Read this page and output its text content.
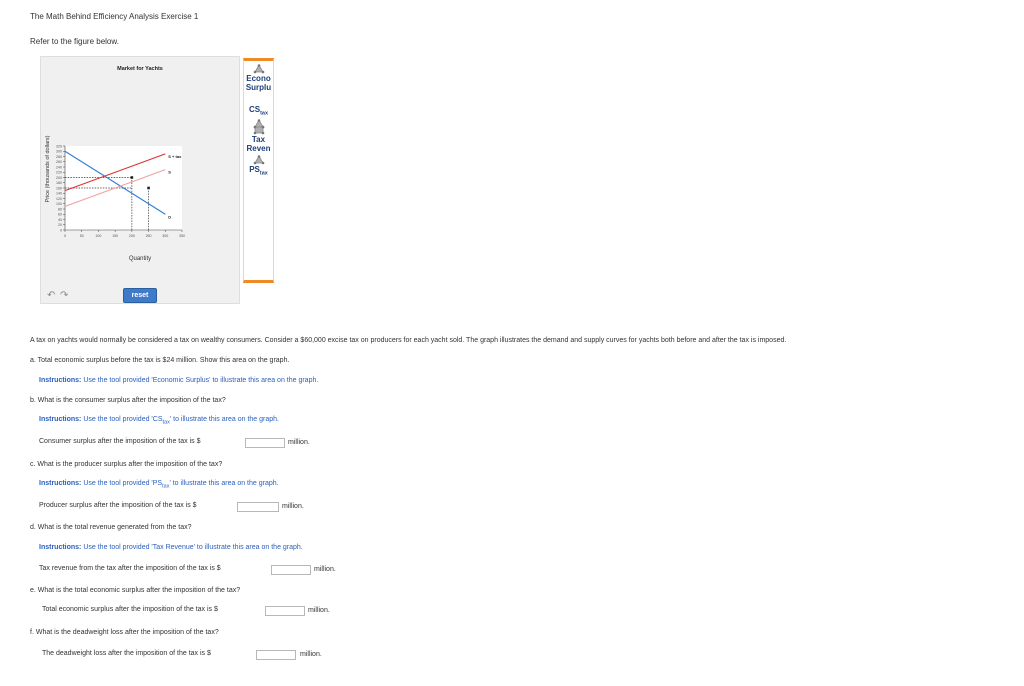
The Math Behind Efficiency Analysis Exercise 1
Refer to the figure below.
Market for Yachts
Quantity
Price (thousands of dollars)
0
20
40
60
80
100
120
140
160
180
200
220
240
260
280
300
320
0	50	100	150	200	250	300	350
D
S
S + tax
↶ ↷	reset
Econo
Surplu
$CS_{tax}$
Tax
Reven
$PS_{tax}$
A tax on yachts would normally be considered a tax on wealthy consumers. Consider a $60,000 excise tax on producers for each yacht sold. The graph illustrates the demand and supply curves for yachts both before and after the tax is imposed.
a. Total economic surplus before the tax is $24 million. Show this area on the graph.
Instructions: Use the tool provided 'Economic Surplus' to illustrate this area on the graph.
b. What is the consumer surplus after the imposition of the tax?
Instructions: Use the tool provided '$CS_{tax}$' to illustrate this area on the graph.
Consumer surplus after the imposition of the tax is $	million.
c. What is the producer surplus after the imposition of the tax?
Instructions: Use the tool provided '$PS_{tax}$' to illustrate this area on the graph.
Producer surplus after the imposition of the tax is $	million.
d. What is the total revenue generated from the tax?
Instructions: Use the tool provided 'Tax Revenue' to illustrate this area on the graph.
Tax revenue from the tax after the imposition of the tax is $	million.
e. What is the total economic surplus after the imposition of the tax?
Total economic surplus after the imposition of the tax is $	million.
f. What is the deadweight loss after the imposition of the tax?
The deadweight loss after the imposition of the tax is $	million.
